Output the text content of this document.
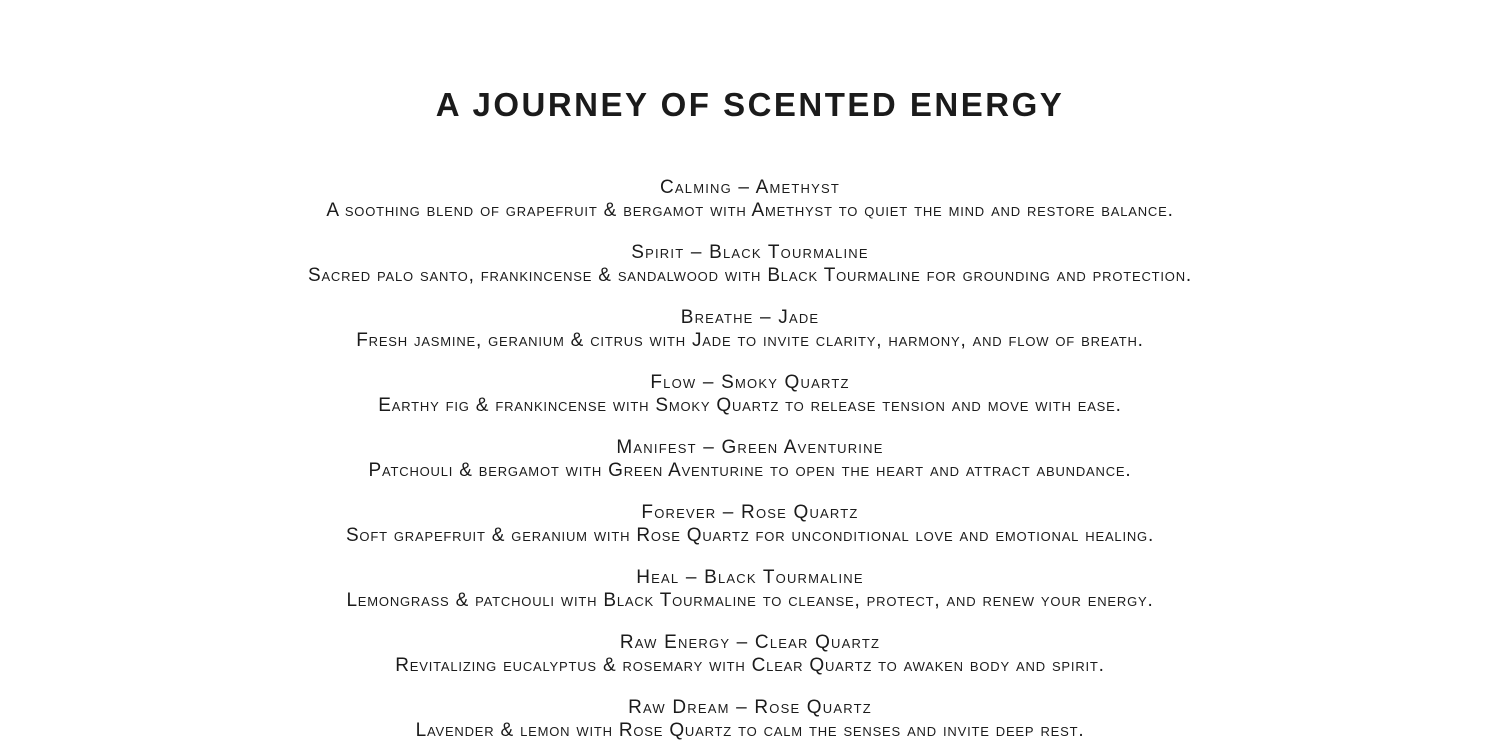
A JOURNEY OF SCENTED ENERGY
Calming – Amethyst

A soothing blend of grapefruit & bergamot with Amethyst to quiet the mind and restore balance.

Spirit – Black Tourmaline

Sacred palo santo, frankincense & sandalwood with Black Tourmaline for grounding and protection.

Breathe – Jade

Fresh jasmine, geranium & citrus with Jade to invite clarity, harmony, and flow of breath.

Flow – Smoky Quartz

Earthy fig & frankincense with Smoky Quartz to release tension and move with ease.

Manifest – Green Aventurine

Patchouli & bergamot with Green Aventurine to open the heart and attract abundance.

Forever – Rose Quartz

Soft grapefruit & geranium with Rose Quartz for unconditional love and emotional healing.

Heal – Black Tourmaline

Lemongrass & patchouli with Black Tourmaline to cleanse, protect, and renew your energy.

Raw Energy – Clear Quartz

Revitalizing eucalyptus & rosemary with Clear Quartz to awaken body and spirit.

Raw Dream – Rose Quartz

Lavender & lemon with Rose Quartz to calm the senses and invite deep rest.
